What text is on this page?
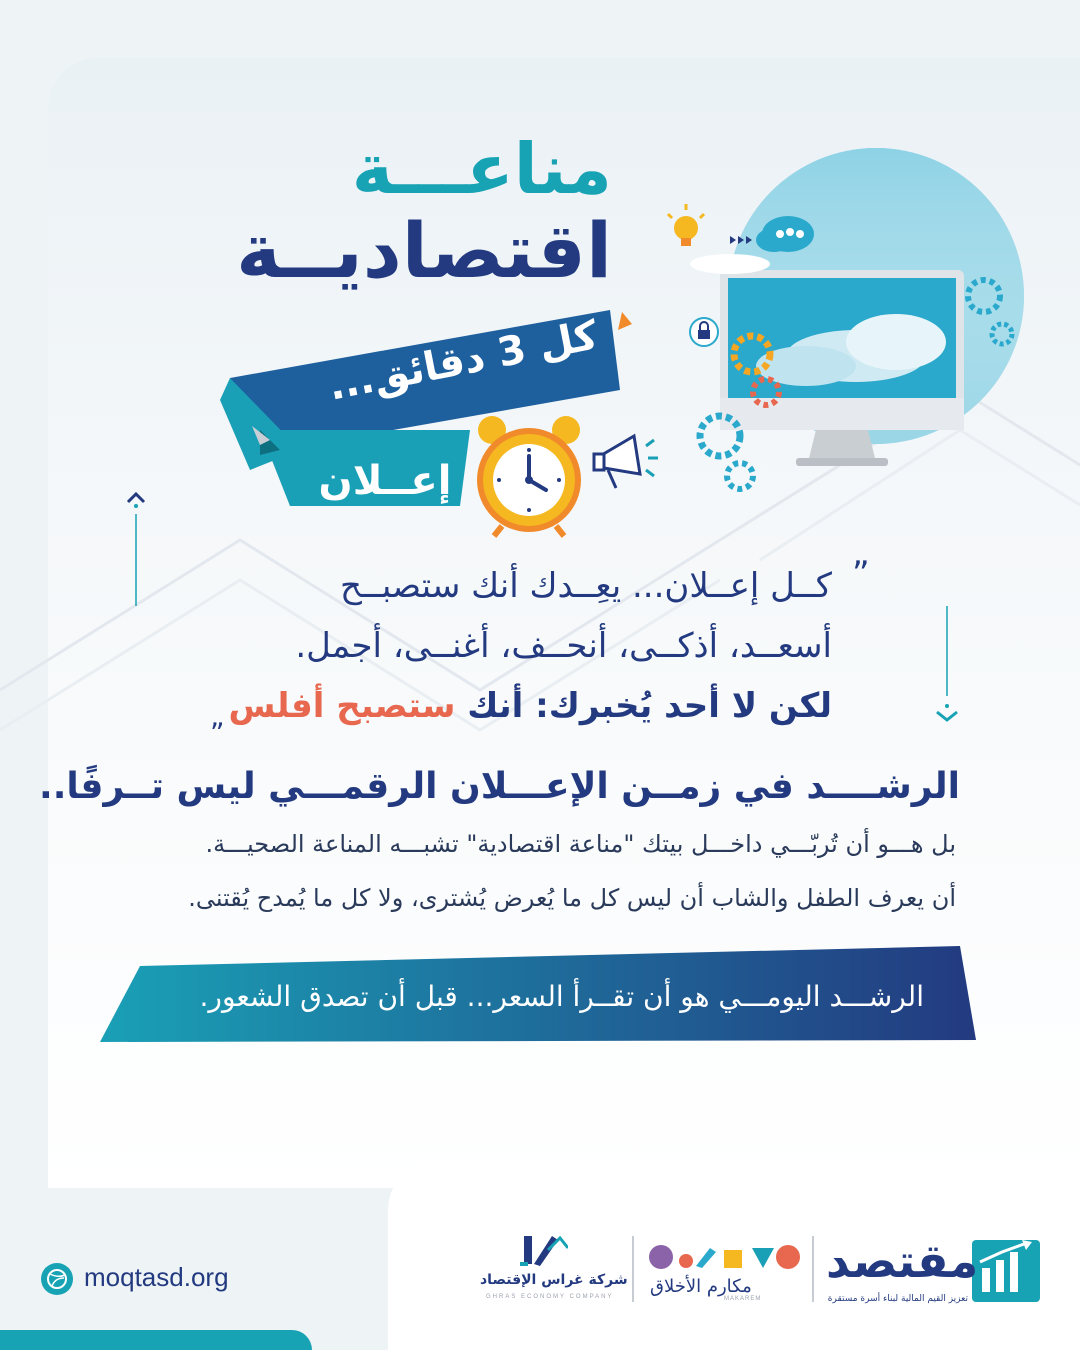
مناعـــة
اقتصاديــة
كل 3 دقائق...
إعــلان
”
„
كــل إعــلان... يعِــدك أنك ستصبــح
أسعــد، أذكــى، أنحــف، أغنــى، أجمل.
لكن لا أحد يُخبرك: أنك ستصبح أفلس
الرشــــد في زمــن الإعـــلان الرقمـــي ليس تــرفًا..
بل هـــو أن تُربّـــي داخـــل بيتك "مناعة اقتصادية" تشبـــه المناعة الصحيـــة.
أن يعرف الطفل والشاب أن ليس كل ما يُعرض يُشترى، ولا كل ما يُمدح يُقتنى.
الرشـــد اليومـــي هو أن تقــرأ السعر... قبل أن تصدق الشعور.
moqtasd.org	مقتصد
تعزيز القيم المالية لبناء أسرة مستقرة
مكارم الأخلاق
MAKAREM
شركة غراس الإقتصاد
GHRAS ECONOMY COMPANY
